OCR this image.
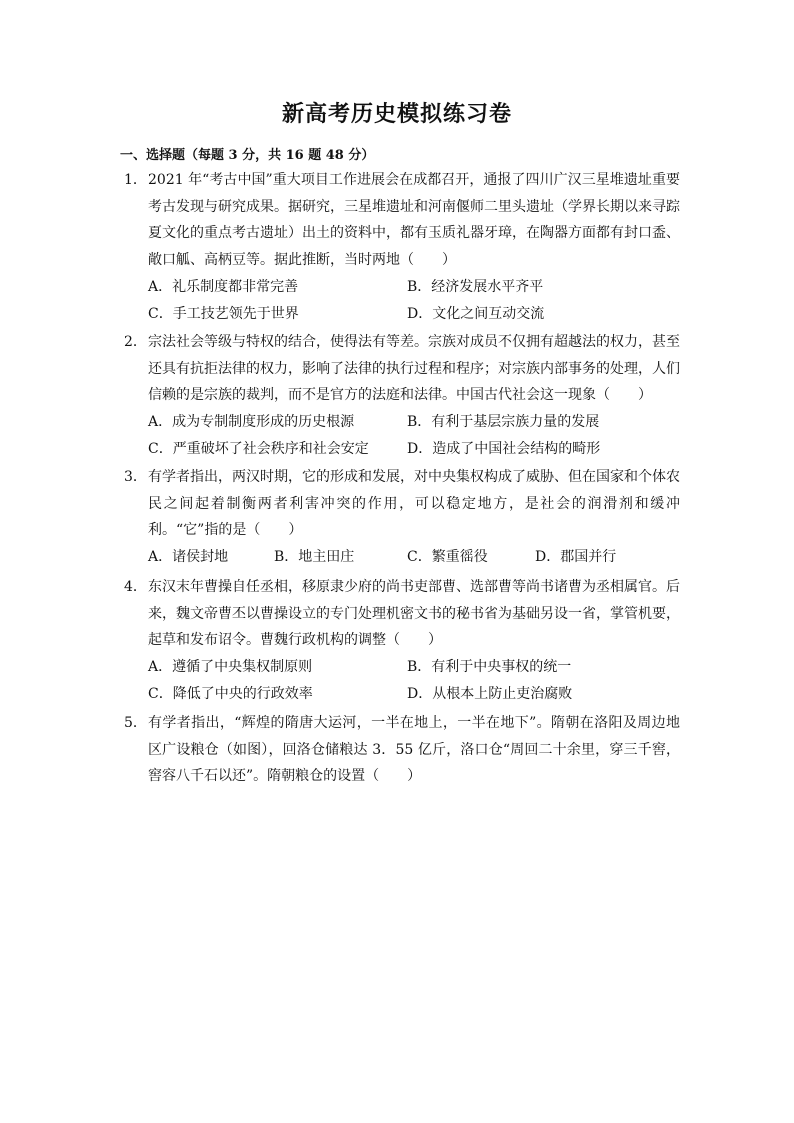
新高考历史模拟练习卷
一、选择题（每题 3 分，共 16 题 48 分）
1． 2021 年“考古中国”重大项目工作进展会在成都召开，通报了四川广汉三星堆遗址重要考古发现与研究成果。据研究，三星堆遗址和河南偃师二里头遗址（学界长期以来寻踪夏文化的重点考古遗址）出土的资料中，都有玉质礼器牙璋，在陶器方面都有封口盉、敞口觚、高柄豆等。据此推断，当时两地（　　）
A．礼乐制度都非常完善	B．经济发展水平齐平
C．手工技艺领先于世界	D．文化之间互动交流
2． 宗法社会等级与特权的结合，使得法有等差。宗族对成员不仅拥有超越法的权力，甚至还具有抗拒法律的权力，影响了法律的执行过程和程序；对宗族内部事务的处理，人们信赖的是宗族的裁判，而不是官方的法庭和法律。中国古代社会这一现象（　　）
A．成为专制制度形成的历史根源	B．有利于基层宗族力量的发展
C．严重破坏了社会秩序和社会安定	D．造成了中国社会结构的畸形
3． 有学者指出，两汉时期，它的形成和发展，对中央集权构成了威胁、但在国家和个体农民之间起着制衡两者利害冲突的作用，可以稳定地方，是社会的润滑剂和缓冲利。“它”指的是（　　）
A．诸侯封地	B．地主田庄	C．繁重徭役	D．郡国并行
4． 东汉末年曹操自任丞相，移原隶少府的尚书吏部曹、选部曹等尚书诸曹为丞相属官。后来，魏文帝曹丕以曹操设立的专门处理机密文书的秘书省为基础另设一省，掌管机要，起草和发布诏令。曹魏行政机构的调整（　　）
A．遵循了中央集权制原则	B．有利于中央事权的统一
C．降低了中央的行政效率	D．从根本上防止吏治腐败
5． 有学者指出，“辉煌的隋唐大运河，一半在地上，一半在地下”。隋朝在洛阳及周边地区广设粮仓（如图），回洛仓储粮达 3．55 亿斤，洛口仓“周回二十余里，穿三千窖，窖容八千石以还”。隋朝粮仓的设置（　　）
